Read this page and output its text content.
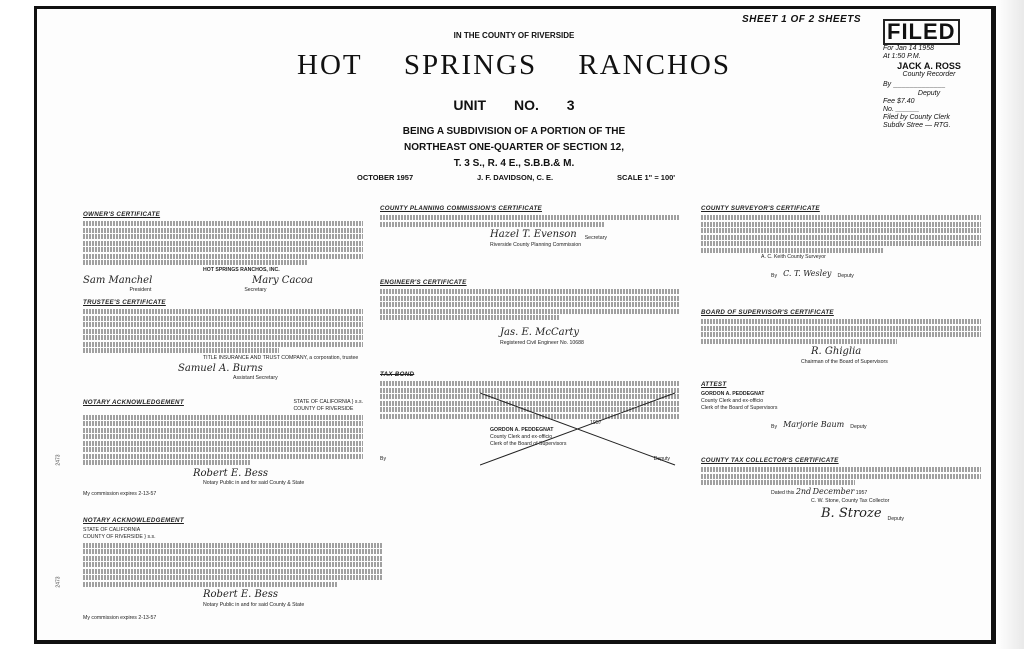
SHEET 1 OF 2 SHEETS FILED
For Jan 14 1958
At 1:50 P.M.
JACK A. ROSS
County Recorder
By _____________
Deputy
Fee $7.40
No. ______
Filed by County Clerk
Subdiv Stree — RTG.
IN THE COUNTY OF RIVERSIDE
HOT SPRINGS RANCHOS
UNIT NO. 3
BEING A SUBDIVISION OF A PORTION OF THE
NORTHEAST ONE-QUARTER OF SECTION 12,
T. 3 S., R. 4 E., S.B.B.& M.
OCTOBER 1957	J. F. DAVIDSON, C. E.	SCALE 1" = 100'
OWNER'S CERTIFICATE
HOT SPRINGS RANCHOS, INC.
Sam Manchel	Mary Cacoa
President	Secretary
TRUSTEE'S CERTIFICATE
TITLE INSURANCE AND TRUST COMPANY, a corporation, trustee
Samuel A. Burns
Assistant Secretary
NOTARY ACKNOWLEDGEMENT	STATE OF CALIFORNIA } s.s.
COUNTY OF RIVERSIDE
Robert E. Bess
Notary Public in and for said County & State
My commission expires 2-13-57
NOTARY ACKNOWLEDGEMENT
STATE OF CALIFORNIA
COUNTY OF RIVERSIDE } s.s.
Robert E. Bess
Notary Public in and for said County & State
My commission expires 2-13-57
2473
2473
COUNTY PLANNING COMMISSION'S CERTIFICATE
Hazel T. Evenson Secretary
Riverside County Planning Commission
ENGINEER'S CERTIFICATE
Jas. E. McCarty
Registered Civil Engineer No. 10688
TAX BOND
1957
GORDON A. PEDDEGNAT
County Clerk and ex-officio
Clerk of the Board of Supervisors
By	Deputy
COUNTY SURVEYOR'S CERTIFICATE
A. C. Keith County Surveyor
By C. T. Wesley Deputy
BOARD OF SUPERVISOR'S CERTIFICATE
R. Ghiglia
Chairman of the Board of Supervisors
ATTEST
GORDON A. PEDDEGNAT
County Clerk and ex-officio
Clerk of the Board of Supervisors
By Marjorie Baum Deputy
COUNTY TAX COLLECTOR'S CERTIFICATE
Dated this 2nd December 1957
C. W. Stone, County Tax Collector
B. Stroze Deputy
